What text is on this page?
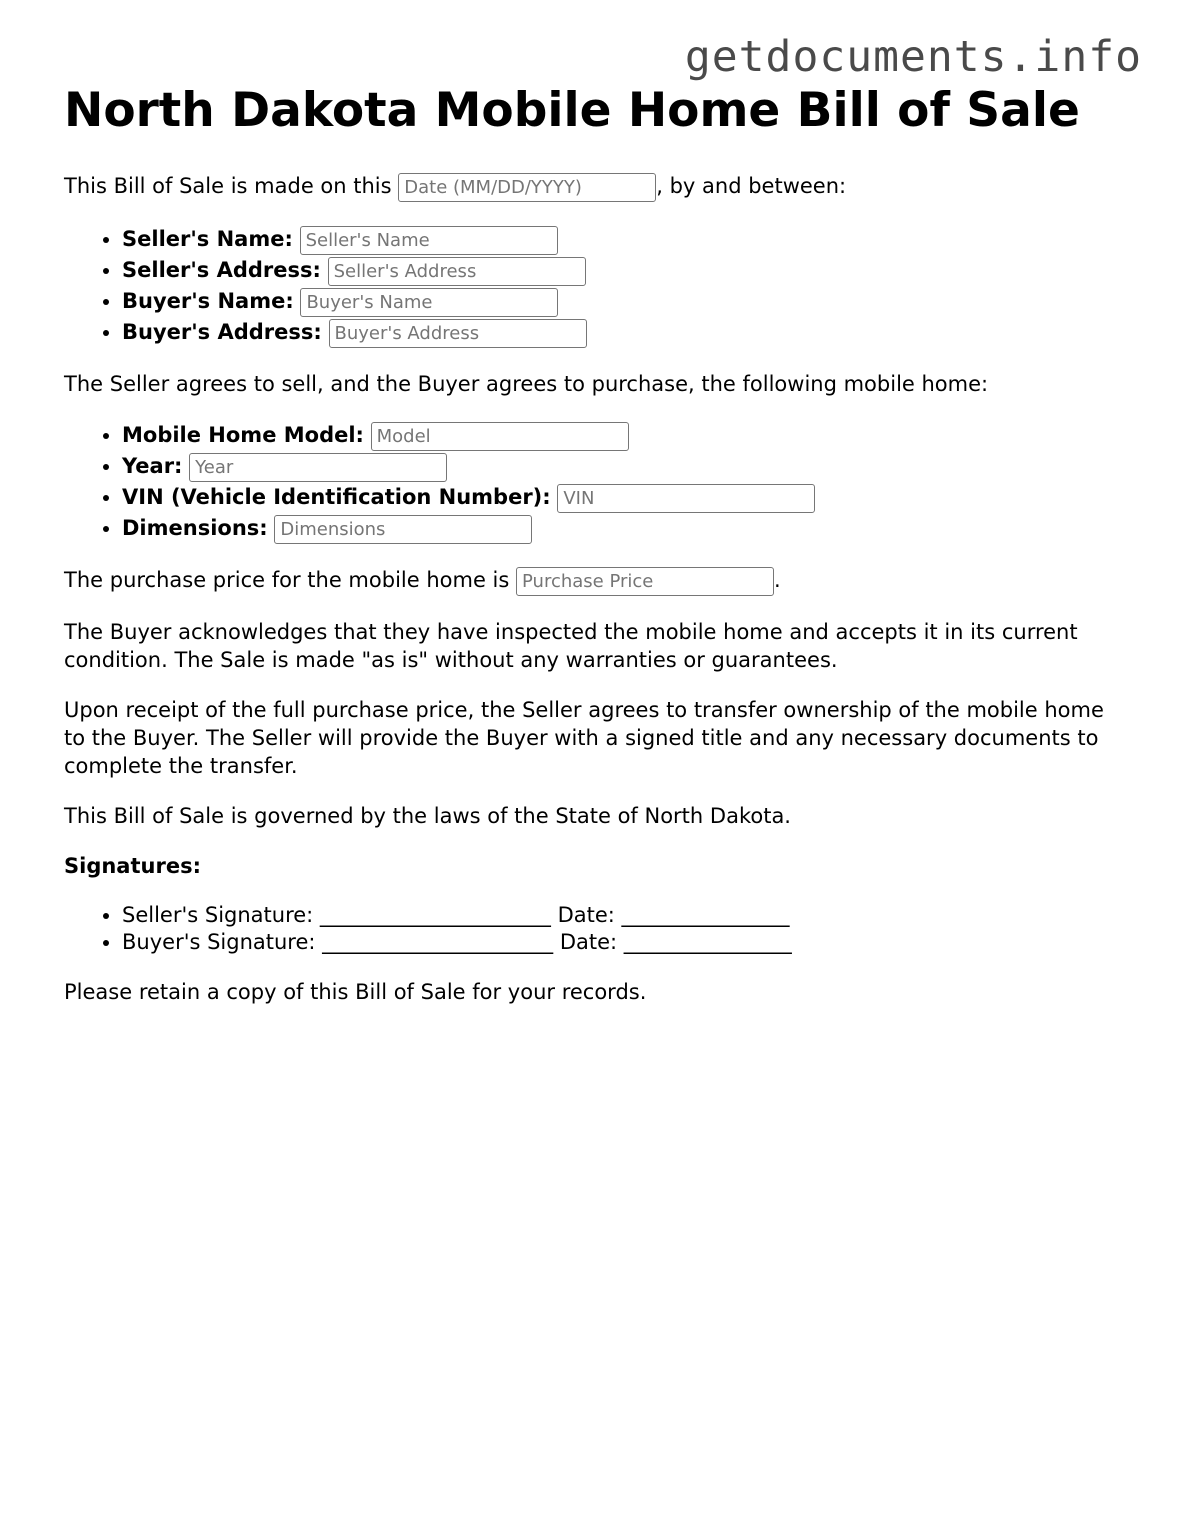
getdocuments.info
North Dakota Mobile Home Bill of Sale

This Bill of Sale is made on this Date (MM/DD/YYYY)	, by and between:

• Seller's Name: Seller's Name
• Seller's Address: Seller's Address
• Buyer's Name: Buyer's Name
• Buyer's Address: Buyer's Address

The Seller agrees to sell, and the Buyer agrees to purchase, the following mobile home:

• Mobile Home Model: Model
• Year: Year
• VIN (Vehicle Identification Number): VIN
• Dimensions: Dimensions

The purchase price for the mobile home is Purchase Price	.

The Buyer acknowledges that they have inspected the mobile home and accepts it in its current condition. The Sale is made "as is" without any warranties or guarantees.

Upon receipt of the full purchase price, the Seller agrees to transfer ownership of the mobile home to the Buyer. The Seller will provide the Buyer with a signed title and any necessary documents to complete the transfer.

This Bill of Sale is governed by the laws of the State of North Dakota.

Signatures:

• Seller's Signature: ______________________ Date: ________________
• Buyer's Signature: ______________________ Date: ________________

Please retain a copy of this Bill of Sale for your records.
